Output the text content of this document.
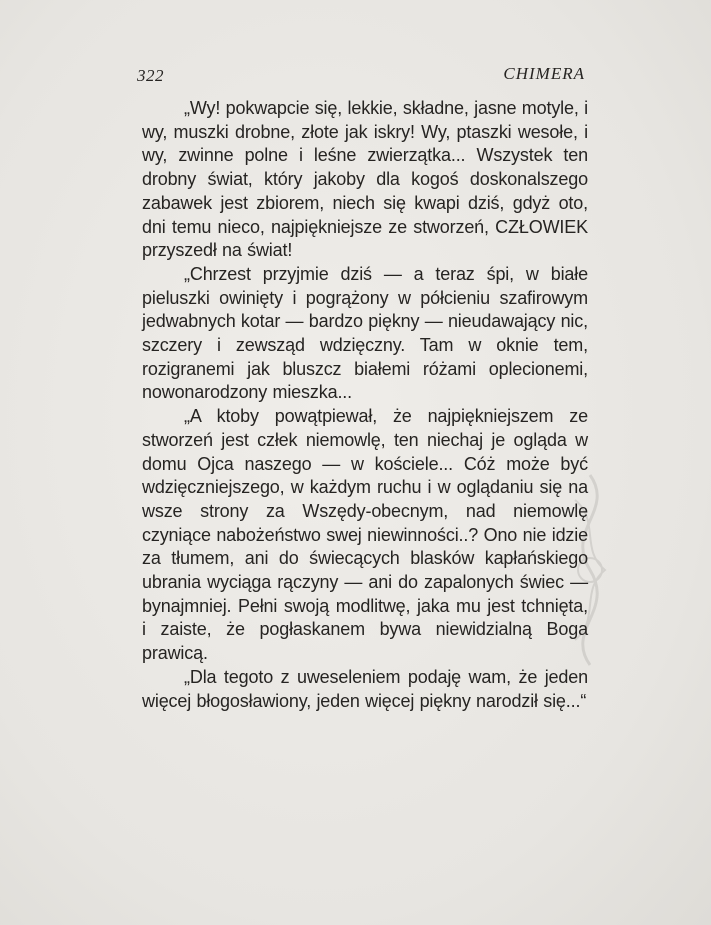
322	CHIMERA

„Wy! pokwapcie się, lekkie, składne, jasne motyle, i wy, muszki drobne, złote jak iskry! Wy, ptaszki wesołe, i wy, zwinne polne i leśne zwierzątka... Wszystek ten drobny świat, który jakoby dla kogoś doskonalszego zabawek jest zbiorem, niech się kwapi dziś, gdyż oto, dni temu nieco, najpiękniejsze ze stworzeń, CZŁOWIEK przyszedł na świat!

„Chrzest przyjmie dziś — a teraz śpi, w białe pieluszki owinięty i pogrążony w półcieniu szafirowym jedwabnych kotar — bardzo piękny — nieudawający nic, szczery i zewsząd wdzięczny. Tam w oknie tem, rozigranemi jak bluszcz białemi różami oplecionemi, nowonarodzony mieszka...

„A ktoby powątpiewał, że najpiękniejszem ze stworzeń jest człek niemowlę, ten niechaj je ogląda w domu Ojca naszego — w kościele... Cóż może być wdzięczniejszego, w każdym ruchu i w oglądaniu się na wsze strony za Wszędy-obecnym, nad niemowlę czyniące nabożeństwo swej niewinności..? Ono nie idzie za tłumem, ani do świecących blasków kapłańskiego ubrania wyciąga rączyny — ani do zapalonych świec — bynajmniej. Pełni swoją modlitwę, jaka mu jest tchnięta, i zaiste, że pogłaskanem bywa niewidzialną Boga prawicą.

„Dla tegoto z uweseleniem podaję wam, że jeden więcej błogosławiony, jeden więcej piękny narodził się...“
